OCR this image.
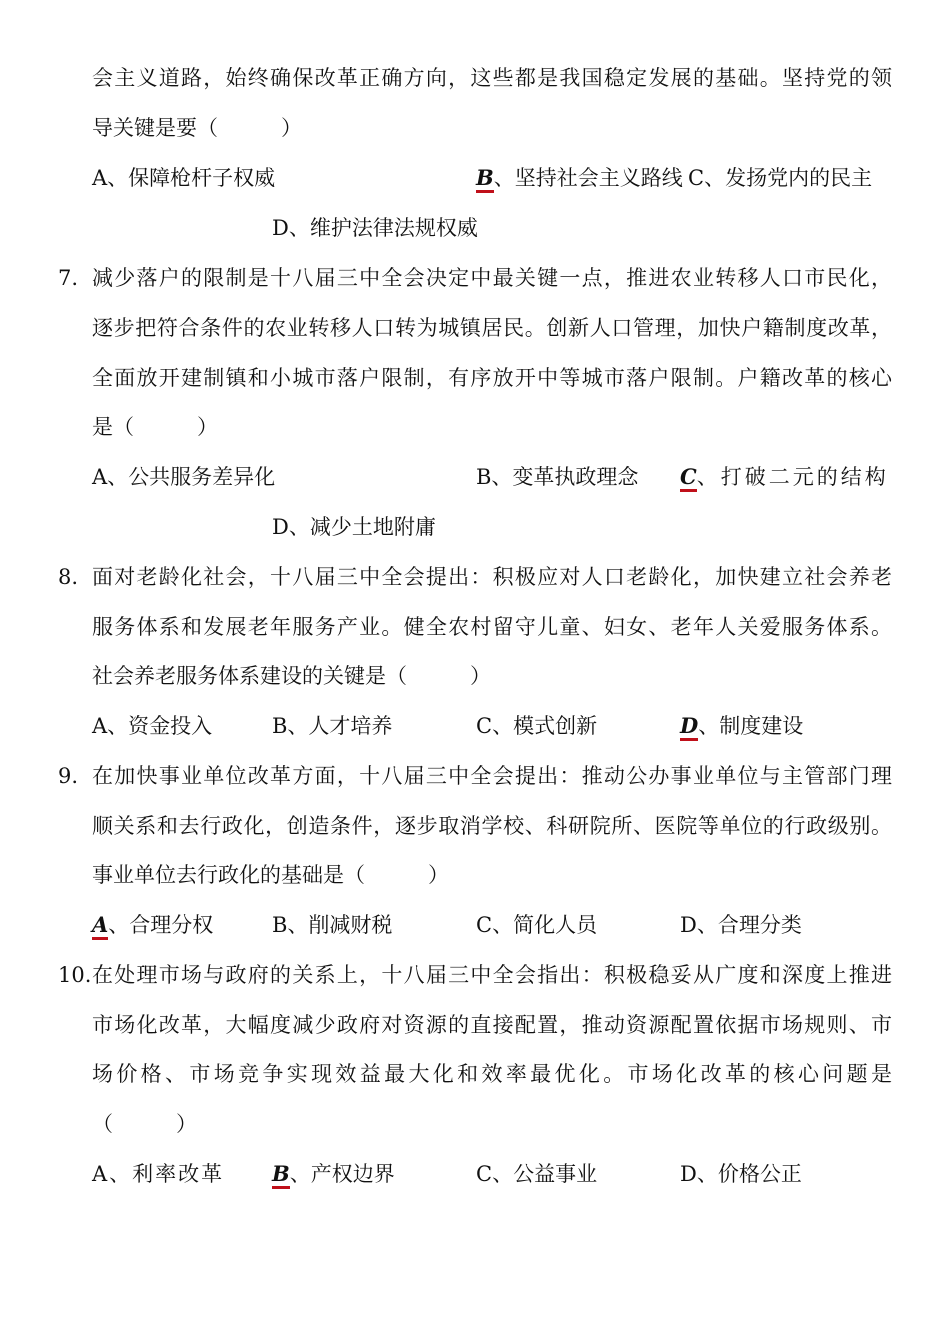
会主义道路，始终确保改革正确方向，这些都是我国稳定发展的基础。坚持党的领
导关键是要（　　　）
A、保障枪杆子权威	B、坚持社会主义路线 C、发扬党内的民主
D、维护法律法规权威
7. 减少落户的限制是十八届三中全会决定中最关键一点，推进农业转移人口市民化，
逐步把符合条件的农业转移人口转为城镇居民。创新人口管理，加快户籍制度改革，
全面放开建制镇和小城市落户限制，有序放开中等城市落户限制。户籍改革的核心
是（　　　）
A、公共服务差异化	B、变革执政理念 C、打破二元的结构
D、减少土地附庸
8. 面对老龄化社会，十八届三中全会提出：积极应对人口老龄化，加快建立社会养老
服务体系和发展老年服务产业。健全农村留守儿童、妇女、老年人关爱服务体系。
社会养老服务体系建设的关键是（　　　）
A、资金投入	B、人才培养	C、模式创新	D、制度建设
9. 在加快事业单位改革方面，十八届三中全会提出：推动公办事业单位与主管部门理
顺关系和去行政化，创造条件，逐步取消学校、科研院所、医院等单位的行政级别。
事业单位去行政化的基础是（　　　）
A、合理分权	B、削减财税	C、简化人员	D、合理分类
10. 在处理市场与政府的关系上，十八届三中全会指出：积极稳妥从广度和深度上推进
市场化改革，大幅度减少政府对资源的直接配置，推动资源配置依据市场规则、市
场价格、市场竞争实现效益最大化和效率最优化。市场化改革的核心问题是
（　　　）
A、利率改革 B、产权边界	C、公益事业	D、价格公正
